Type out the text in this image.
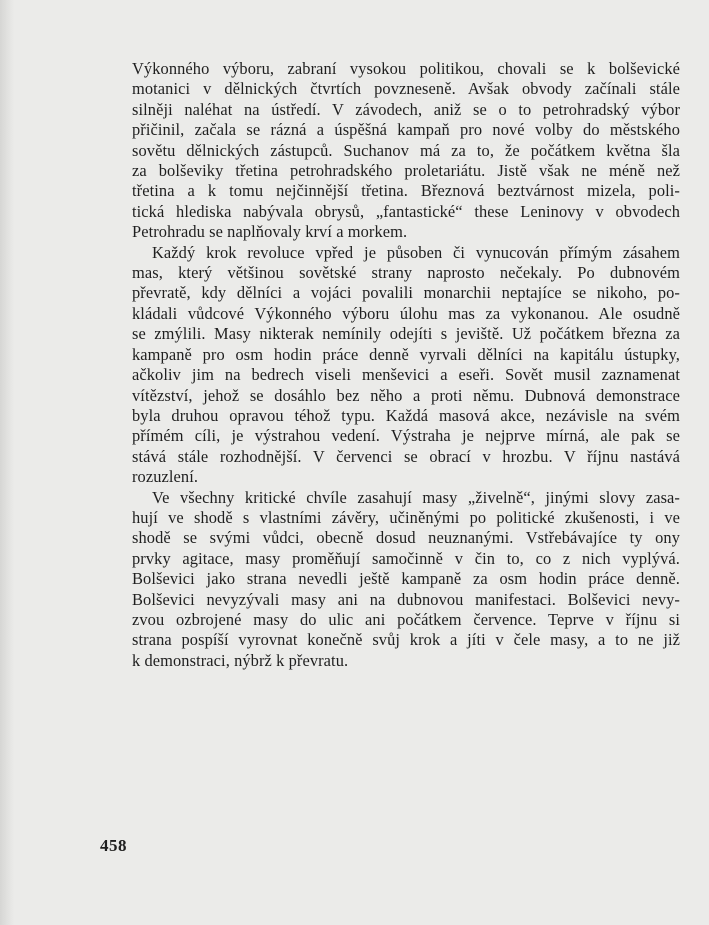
Výkonného výboru, zabraní vysokou politikou, chovali se k bolševické
motanici v dělnických čtvrtích povzneseně. Avšak obvody začínali stále
silněji naléhat na ústředí. V závodech, aniž se o to petrohradský výbor
přičinil, začala se rázná a úspěšná kampaň pro nové volby do městského
sovětu dělnických zástupců. Suchanov má za to, že počátkem května šla
za bolševiky třetina petrohradského proletariátu. Jistě však ne méně než
třetina a k tomu nejčinnější třetina. Březnová beztvárnost mizela, poli-
tická hlediska nabývala obrysů, „fantastické“ these Leninovy v obvodech
Petrohradu se naplňovaly krví a morkem.
Každý krok revoluce vpřed je působen či vynucován přímým zásahem
mas, který většinou sovětské strany naprosto nečekaly. Po dubnovém
převratě, kdy dělníci a vojáci povalili monarchii neptajíce se nikoho, po-
kládali vůdcové Výkonného výboru úlohu mas za vykonanou. Ale osudně
se zmýlili. Masy nikterak nemínily odejíti s jeviště. Už počátkem března za
kampaně pro osm hodin práce denně vyrvali dělníci na kapitálu ústupky,
ačkoliv jim na bedrech viseli menševici a eseři. Sovět musil zaznamenat
vítězství, jehož se dosáhlo bez něho a proti němu. Dubnová demonstrace
byla druhou opravou téhož typu. Každá masová akce, nezávisle na svém
přímém cíli, je výstrahou vedení. Výstraha je nejprve mírná, ale pak se
stává stále rozhodnější. V červenci se obrací v hrozbu. V říjnu nastává
rozuzlení.
Ve všechny kritické chvíle zasahují masy „živelně“, jinými slovy zasa-
hují ve shodě s vlastními závěry, učiněnými po politické zkušenosti, i ve
shodě se svými vůdci, obecně dosud neuznanými. Vstřebávajíce ty ony
prvky agitace, masy proměňují samočinně v čin to, co z nich vyplývá.
Bolševici jako strana nevedli ještě kampaně za osm hodin práce denně.
Bolševici nevyzývali masy ani na dubnovou manifestaci. Bolševici nevy-
zvou ozbrojené masy do ulic ani počátkem července. Teprve v říjnu si
strana pospíší vyrovnat konečně svůj krok a jíti v čele masy, a to ne již
k demonstraci, nýbrž k převratu.
458
